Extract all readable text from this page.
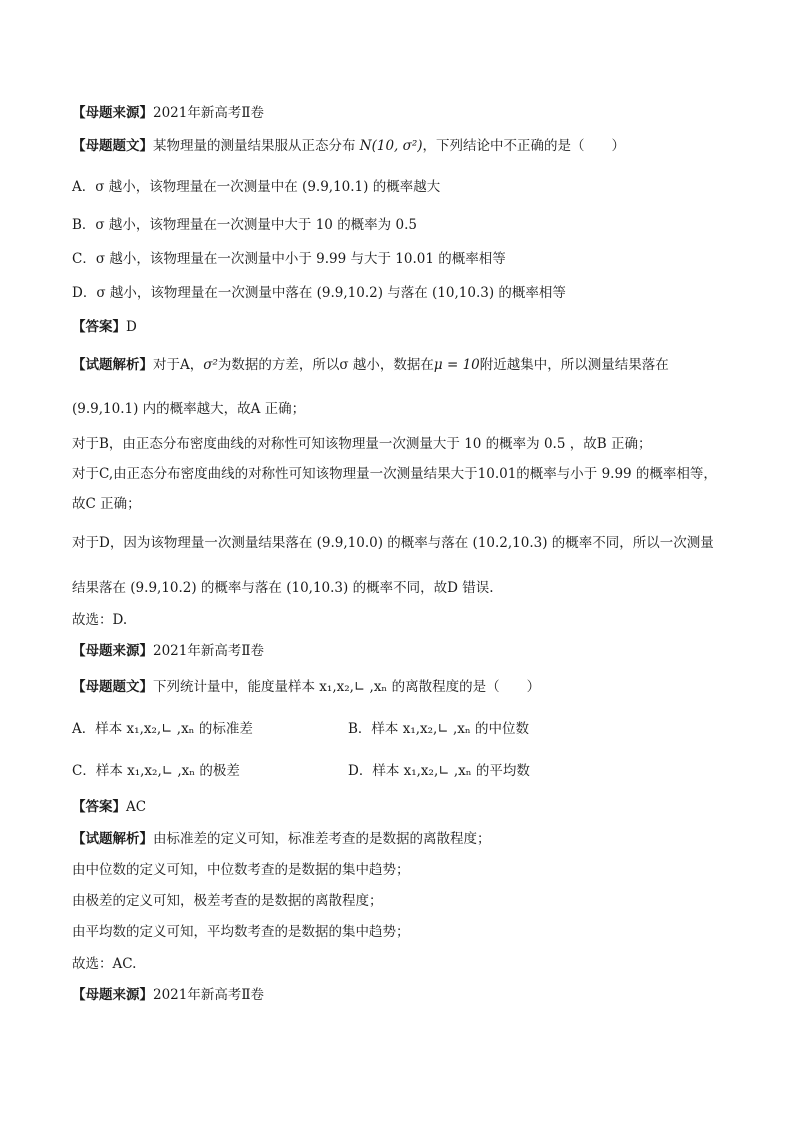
【母题来源】2021年新高考Ⅱ卷
【母题题文】某物理量的测量结果服从正态分布 N(10, σ²)，下列结论中不正确的是（　　）
A．σ 越小，该物理量在一次测量中在 (9.9,10.1) 的概率越大
B．σ 越小，该物理量在一次测量中大于 10 的概率为 0.5
C．σ 越小，该物理量在一次测量中小于 9.99 与大于 10.01 的概率相等
D．σ 越小，该物理量在一次测量中落在 (9.9,10.2) 与落在 (10,10.3) 的概率相等
【答案】D
【试题解析】对于A，σ²为数据的方差，所以σ 越小，数据在μ = 10附近越集中，所以测量结果落在
(9.9,10.1) 内的概率越大，故A 正确；
对于B，由正态分布密度曲线的对称性可知该物理量一次测量大于 10 的概率为 0.5 ，故B 正确；
对于C,由正态分布密度曲线的对称性可知该物理量一次测量结果大于10.01的概率与小于 9.99 的概率相等，
故C 正确；
对于D，因为该物理量一次测量结果落在 (9.9,10.0) 的概率与落在 (10.2,10.3) 的概率不同，所以一次测量
结果落在 (9.9,10.2) 的概率与落在 (10,10.3) 的概率不同，故D 错误.
故选：D.
【母题来源】2021年新高考Ⅱ卷
【母题题文】下列统计量中，能度量样本 x₁,x₂,∟ ,xₙ 的离散程度的是（　　）
A．样本 x₁,x₂,∟ ,xₙ 的标准差	B．样本 x₁,x₂,∟ ,xₙ 的中位数
C．样本 x₁,x₂,∟ ,xₙ 的极差	D．样本 x₁,x₂,∟ ,xₙ 的平均数
【答案】AC
【试题解析】由标准差的定义可知，标准差考查的是数据的离散程度；
由中位数的定义可知，中位数考查的是数据的集中趋势；
由极差的定义可知，极差考查的是数据的离散程度；
由平均数的定义可知，平均数考查的是数据的集中趋势；
故选：AC.
【母题来源】2021年新高考Ⅱ卷
